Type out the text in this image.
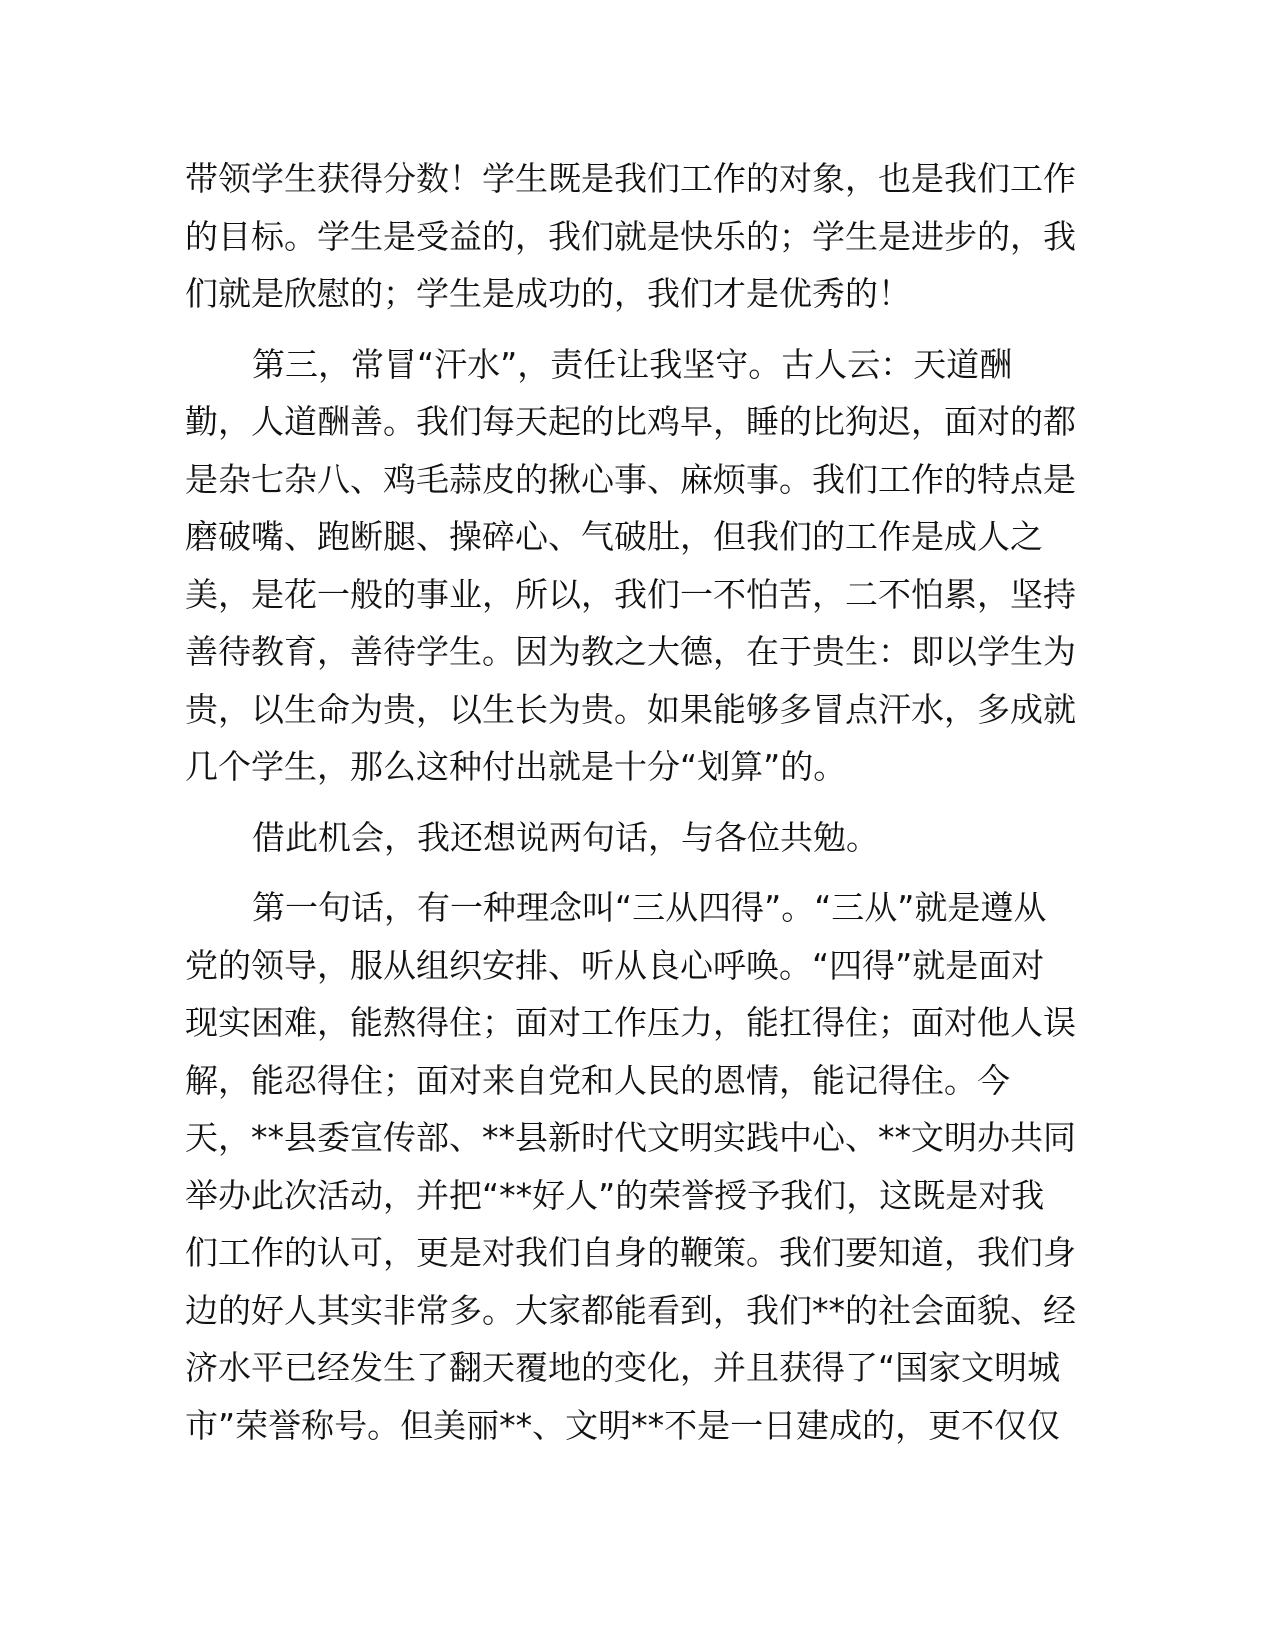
带领学生获得分数！学生既是我们工作的对象，也是我们工作
的目标。学生是受益的，我们就是快乐的；学生是进步的，我
们就是欣慰的；学生是成功的，我们才是优秀的！
第三，常冒“汗水”，责任让我坚守。古人云：天道酬
勤，人道酬善。我们每天起的比鸡早，睡的比狗迟，面对的都
是杂七杂八、鸡毛蒜皮的揪心事、麻烦事。我们工作的特点是
磨破嘴、跑断腿、操碎心、气破肚，但我们的工作是成人之
美，是花一般的事业，所以，我们一不怕苦，二不怕累，坚持
善待教育，善待学生。因为教之大德，在于贵生：即以学生为
贵，以生命为贵，以生长为贵。如果能够多冒点汗水，多成就
几个学生，那么这种付出就是十分“划算”的。
借此机会，我还想说两句话，与各位共勉。
第一句话，有一种理念叫“三从四得”。“三从”就是遵从
党的领导，服从组织安排、听从良心呼唤。“四得”就是面对
现实困难，能熬得住；面对工作压力，能扛得住；面对他人误
解，能忍得住；面对来自党和人民的恩情，能记得住。今
天，**县委宣传部、**县新时代文明实践中心、**文明办共同
举办此次活动，并把“**好人”的荣誉授予我们，这既是对我
们工作的认可，更是对我们自身的鞭策。我们要知道，我们身
边的好人其实非常多。大家都能看到，我们**的社会面貌、经
济水平已经发生了翻天覆地的变化，并且获得了“国家文明城
市”荣誉称号。但美丽**、文明**不是一日建成的，更不仅仅
